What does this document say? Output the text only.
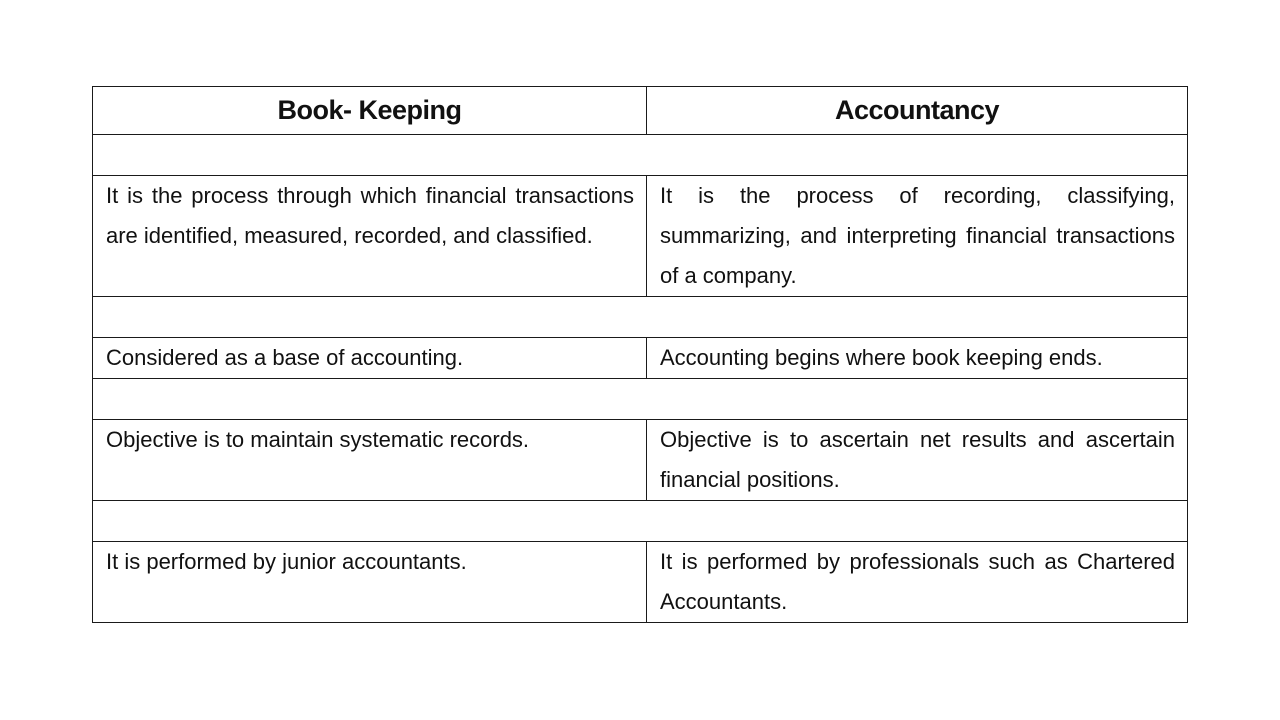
Book- Keeping	Accountancy

It is the process through which financial transactions are identified, measured, recorded, and classified.	It is the process of recording, classifying, summarizing, and interpreting financial transactions of a company.

Considered as a base of accounting.	Accounting begins where book keeping ends.

Objective is to maintain systematic records.	Objective is to ascertain net results and ascertain financial positions.

It is performed by junior accountants.	It is performed by professionals such as Chartered Accountants.
